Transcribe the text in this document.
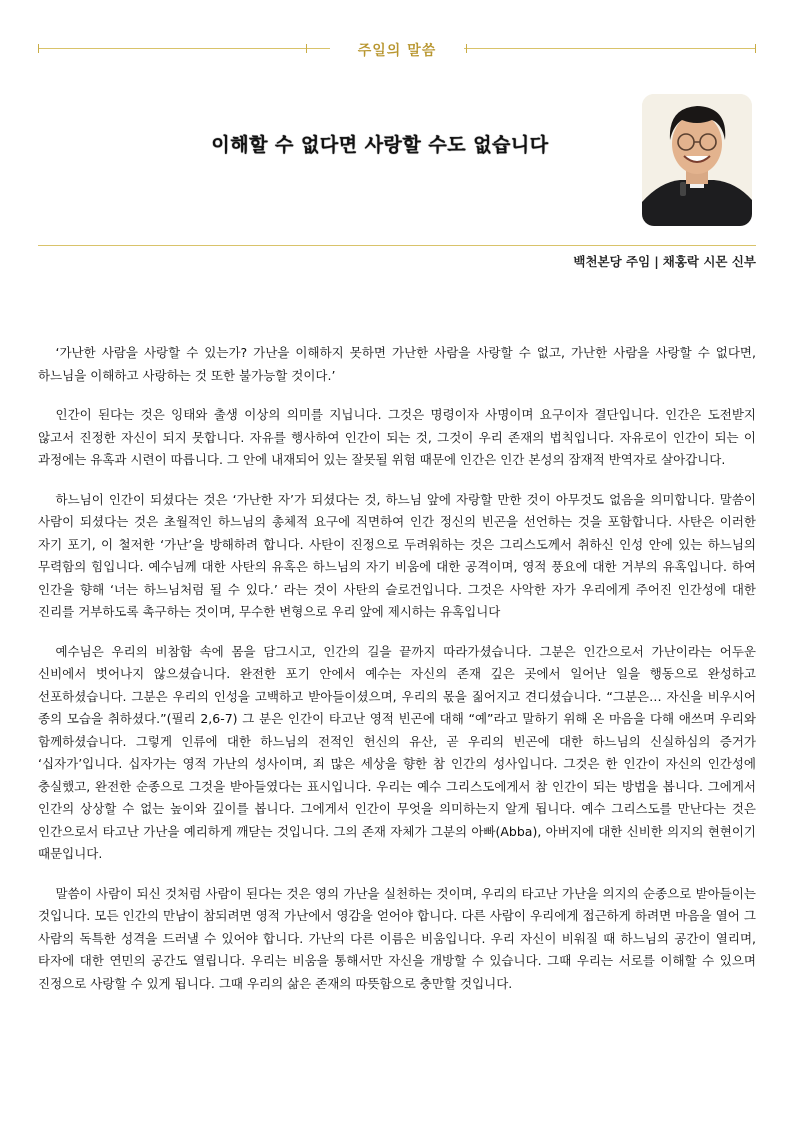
주일의 말씀
이해할 수 없다면 사랑할 수도 없습니다
백천본당 주임 | 채홍락 시몬 신부

‘가난한 사람을 사랑할 수 있는가? 가난을 이해하지 못하면 가난한 사람을 사랑할 수 없고, 가난한 사람을 사랑할 수 없다면, 하느님을 이해하고 사랑하는 것 또한 불가능할 것이다.’

인간이 된다는 것은 잉태와 출생 이상의 의미를 지닙니다. 그것은 명령이자 사명이며 요구이자 결단입니다. 인간은 도전받지 않고서 진정한 자신이 되지 못합니다. 자유를 행사하여 인간이 되는 것, 그것이 우리 존재의 법칙입니다. 자유로이 인간이 되는 이 과정에는 유혹과 시련이 따릅니다. 그 안에 내재되어 있는 잘못될 위험 때문에 인간은 인간 본성의 잠재적 반역자로 살아갑니다.

하느님이 인간이 되셨다는 것은 ‘가난한 자’가 되셨다는 것, 하느님 앞에 자랑할 만한 것이 아무것도 없음을 의미합니다. 말씀이 사람이 되셨다는 것은 초월적인 하느님의 총체적 요구에 직면하여 인간 정신의 빈곤을 선언하는 것을 포함합니다. 사탄은 이러한 자기 포기, 이 철저한 ‘가난’을 방해하려 합니다. 사탄이 진정으로 두려워하는 것은 그리스도께서 취하신 인성 안에 있는 하느님의 무력함의 힘입니다. 예수님께 대한 사탄의 유혹은 하느님의 자기 비움에 대한 공격이며, 영적 풍요에 대한 거부의 유혹입니다. 하여 인간을 향해 ‘너는 하느님처럼 될 수 있다.’ 라는 것이 사탄의 슬로건입니다. 그것은 사악한 자가 우리에게 주어진 인간성에 대한 진리를 거부하도록 촉구하는 것이며, 무수한 변형으로 우리 앞에 제시하는 유혹입니다

예수님은 우리의 비참함 속에 몸을 담그시고, 인간의 길을 끝까지 따라가셨습니다. 그분은 인간으로서 가난이라는 어두운 신비에서 벗어나지 않으셨습니다. 완전한 포기 안에서 예수는 자신의 존재 깊은 곳에서 일어난 일을 행동으로 완성하고 선포하셨습니다. 그분은 우리의 인성을 고백하고 받아들이셨으며, 우리의 몫을 짊어지고 견디셨습니다. “그분은… 자신을 비우시어 종의 모습을 취하셨다.”(필리 2,6-7) 그 분은 인간이 타고난 영적 빈곤에 대해 “예”라고 말하기 위해 온 마음을 다해 애쓰며 우리와 함께하셨습니다. 그렇게 인류에 대한 하느님의 전적인 헌신의 유산, 곧 우리의 빈곤에 대한 하느님의 신실하심의 증거가 ‘십자가’입니다. 십자가는 영적 가난의 성사이며, 죄 많은 세상을 향한 참 인간의 성사입니다. 그것은 한 인간이 자신의 인간성에 충실했고, 완전한 순종으로 그것을 받아들였다는 표시입니다. 우리는 예수 그리스도에게서 참 인간이 되는 방법을 봅니다. 그에게서 인간의 상상할 수 없는 높이와 깊이를 봅니다. 그에게서 인간이 무엇을 의미하는지 알게 됩니다. 예수 그리스도를 만난다는 것은 인간으로서 타고난 가난을 예리하게 깨닫는 것입니다. 그의 존재 자체가 그분의 아빠(Abba), 아버지에 대한 신비한 의지의 현현이기 때문입니다.

말씀이 사람이 되신 것처럼 사람이 된다는 것은 영의 가난을 실천하는 것이며, 우리의 타고난 가난을 의지의 순종으로 받아들이는 것입니다. 모든 인간의 만남이 참되려면 영적 가난에서 영감을 얻어야 합니다. 다른 사람이 우리에게 접근하게 하려면 마음을 열어 그 사람의 독특한 성격을 드러낼 수 있어야 합니다. 가난의 다른 이름은 비움입니다. 우리 자신이 비워질 때 하느님의 공간이 열리며, 타자에 대한 연민의 공간도 열립니다. 우리는 비움을 통해서만 자신을 개방할 수 있습니다. 그때 우리는 서로를 이해할 수 있으며 진정으로 사랑할 수 있게 됩니다. 그때 우리의 삶은 존재의 따뜻함으로 충만할 것입니다.
